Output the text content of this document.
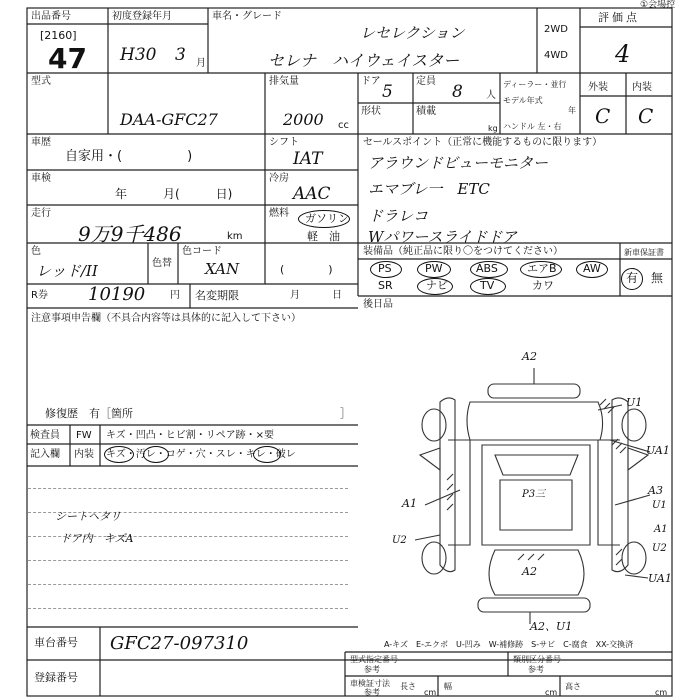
出品番号
[2160]
47
初度登録年月
H30 3 月
車名・グレード
レセレクション
セレナ　ハイウェイスター
2WD
4WD
評価点
4
①会場控
型式
DAA-GFC27
排気量
2000 cc
ドア
5
定員
8 人
形状	積載
kg
ディーラー・並行
モデル年式
年
ハンドル 左・右
外装 内装
C C
車歴
自家用・(　　　　　)
シフト
IAT
車検
年　　　月(　　　日)
冷房
AAC
走行
9万9千486	km
燃料 ガソリン
軽　油
色
レッド/II	色替
色コード
XAN	(　　　　)
R券 10190 円 名変期限	月	日
セールスポイント（正常に機能するものに限ります）
アラウンドビューモニター
エマブレ一　ETC
ドラレコ
Wパワースライドドア
装備品（純正品に限り〇をつけてください）	新車保証書
PS	PW	ABS	エアB AW
SR	ナビ	TV	カワ
有 無
注意事項申告欄（不具合内容等は具体的に記入して下さい）
後日品
修復歴　有［箇所	］
検査員
記入欄
FW キズ・凹凸・ヒビ割・リペア跡・×要
内装 キズ・汚レ・コゲ・穴・スレ・キレ・破レ
シートヘタリ
ドア内　キズA
A2
U1
UA1
A1
A3
U1
P3三
A1
U2
A2
U2
UA1
A2、U1
A-キズ　E-エクボ　U-凹み　W-補修跡　S-サビ　C-腐食　XX-交換済
車台番号 GFC27-097310
登録番号
型式指定番号
参考
類別区分番号
参考
車検証寸法
参考
長さ
cm
幅
cm
高さ
cm
